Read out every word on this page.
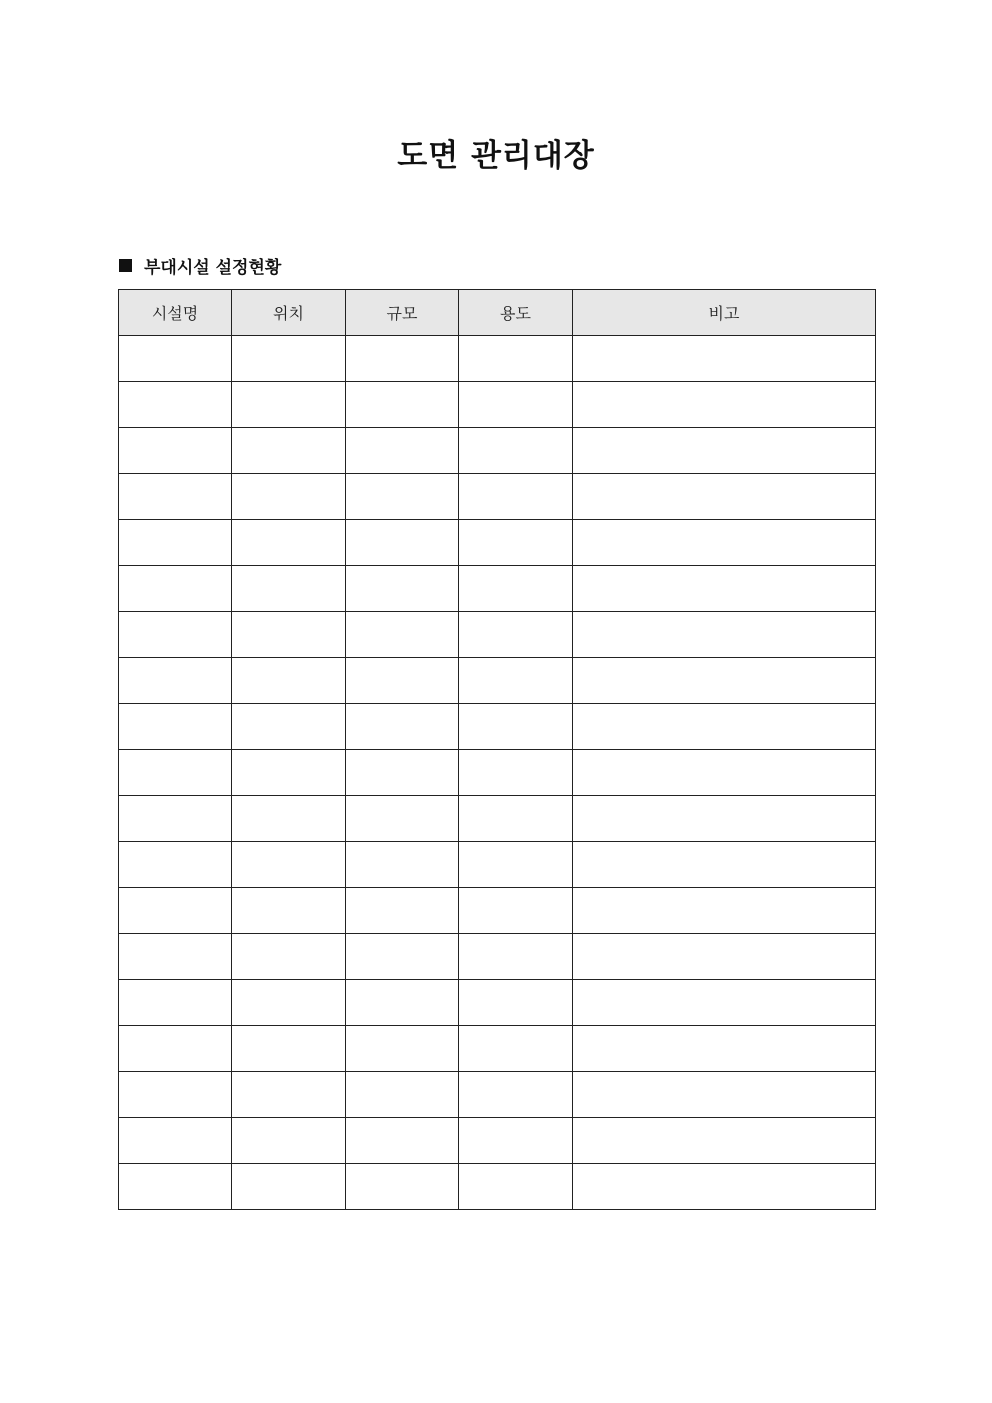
도면 관리대장
부대시설 설정현황
시설명	위치	규모	용도	비고
